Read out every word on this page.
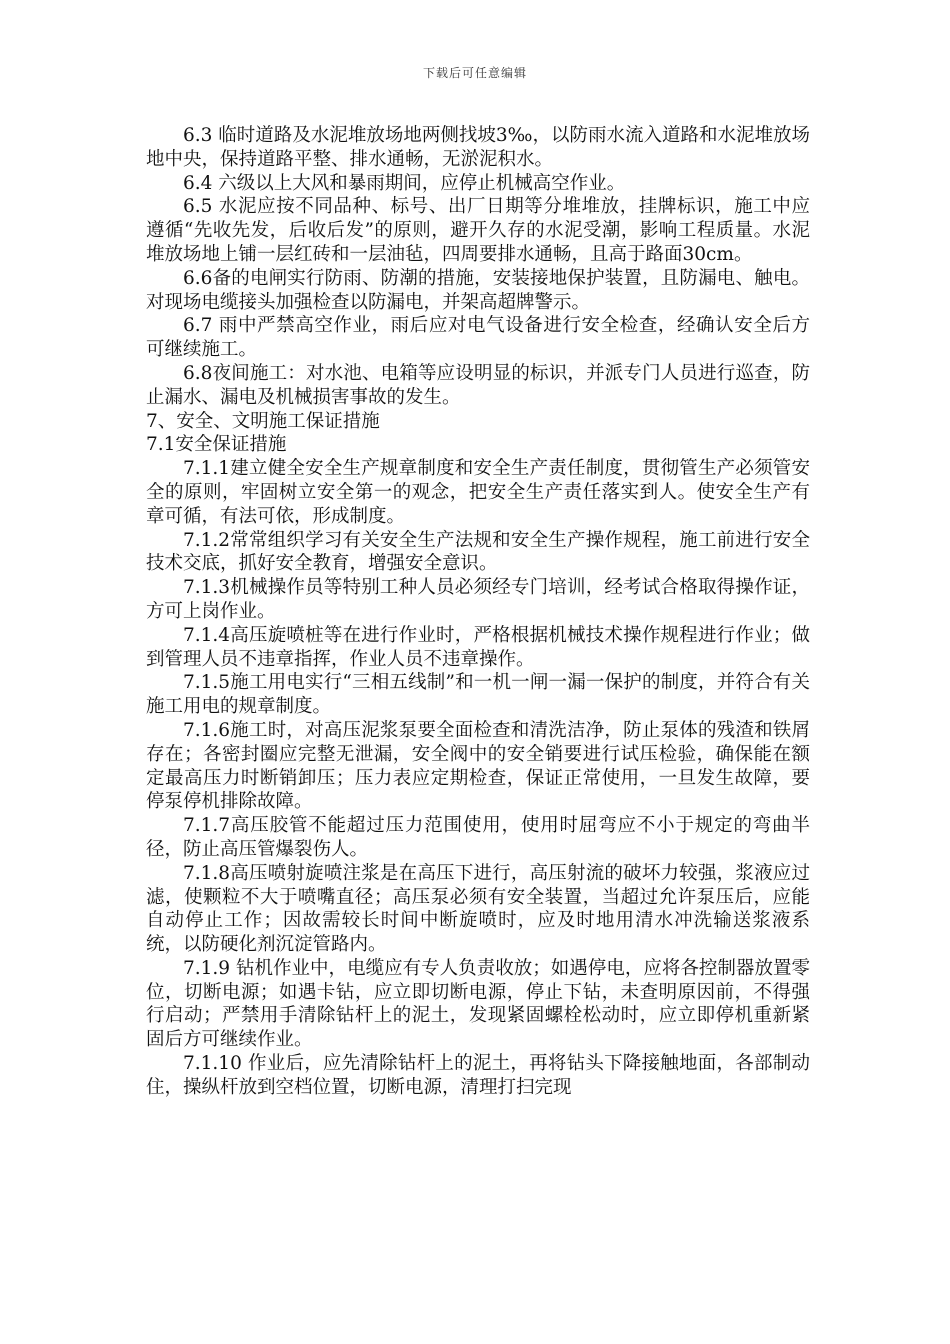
下载后可任意编辑

6.3 临时道路及水泥堆放场地两侧找坡3‰，以防雨水流入道路和水泥堆放场地中央，保持道路平整、排水通畅，无淤泥积水。

6.4 六级以上大风和暴雨期间，应停止机械高空作业。

6.5 水泥应按不同品种、标号、出厂日期等分堆堆放，挂牌标识，施工中应遵循“先收先发，后收后发”的原则，避开久存的水泥受潮，影响工程质量。水泥堆放场地上铺一层红砖和一层油毡，四周要排水通畅，且高于路面30cm。

6.6备的电闸实行防雨、防潮的措施，安装接地保护装置，且防漏电、触电。对现场电缆接头加强检查以防漏电，并架高超牌警示。

6.7 雨中严禁高空作业，雨后应对电气设备进行安全检查，经确认安全后方可继续施工。

6.8夜间施工：对水池、电箱等应设明显的标识，并派专门人员进行巡查，防止漏水、漏电及机械损害事故的发生。

7、安全、文明施工保证措施

7.1安全保证措施

7.1.1建立健全安全生产规章制度和安全生产责任制度，贯彻管生产必须管安全的原则，牢固树立安全第一的观念，把安全生产责任落实到人。使安全生产有章可循，有法可依，形成制度。

7.1.2常常组织学习有关安全生产法规和安全生产操作规程，施工前进行安全技术交底，抓好安全教育，增强安全意识。

7.1.3机械操作员等特别工种人员必须经专门培训，经考试合格取得操作证，方可上岗作业。

7.1.4高压旋喷桩等在进行作业时，严格根据机械技术操作规程进行作业；做到管理人员不违章指挥，作业人员不违章操作。

7.1.5施工用电实行“三相五线制”和一机一闸一漏一保护的制度，并符合有关施工用电的规章制度。

7.1.6施工时，对高压泥浆泵要全面检查和清洗洁净，防止泵体的残渣和铁屑存在；各密封圈应完整无泄漏，安全阀中的安全销要进行试压检验，确保能在额定最高压力时断销卸压；压力表应定期检查，保证正常使用，一旦发生故障，要停泵停机排除故障。

7.1.7高压胶管不能超过压力范围使用，使用时屈弯应不小于规定的弯曲半径，防止高压管爆裂伤人。

7.1.8高压喷射旋喷注浆是在高压下进行，高压射流的破坏力较强，浆液应过滤，使颗粒不大于喷嘴直径；高压泵必须有安全装置，当超过允许泵压后，应能自动停止工作；因故需较长时间中断旋喷时，应及时地用清水冲洗输送浆液系统，以防硬化剂沉淀管路内。

7.1.9 钻机作业中，电缆应有专人负责收放；如遇停电，应将各控制器放置零位，切断电源；如遇卡钻，应立即切断电源，停止下钻，未查明原因前，不得强行启动；严禁用手清除钻杆上的泥土，发现紧固螺栓松动时，应立即停机重新紧固后方可继续作业。

7.1.10 作业后，应先清除钻杆上的泥土，再将钻头下降接触地面，各部制动住，操纵杆放到空档位置，切断电源，清理打扫完现
